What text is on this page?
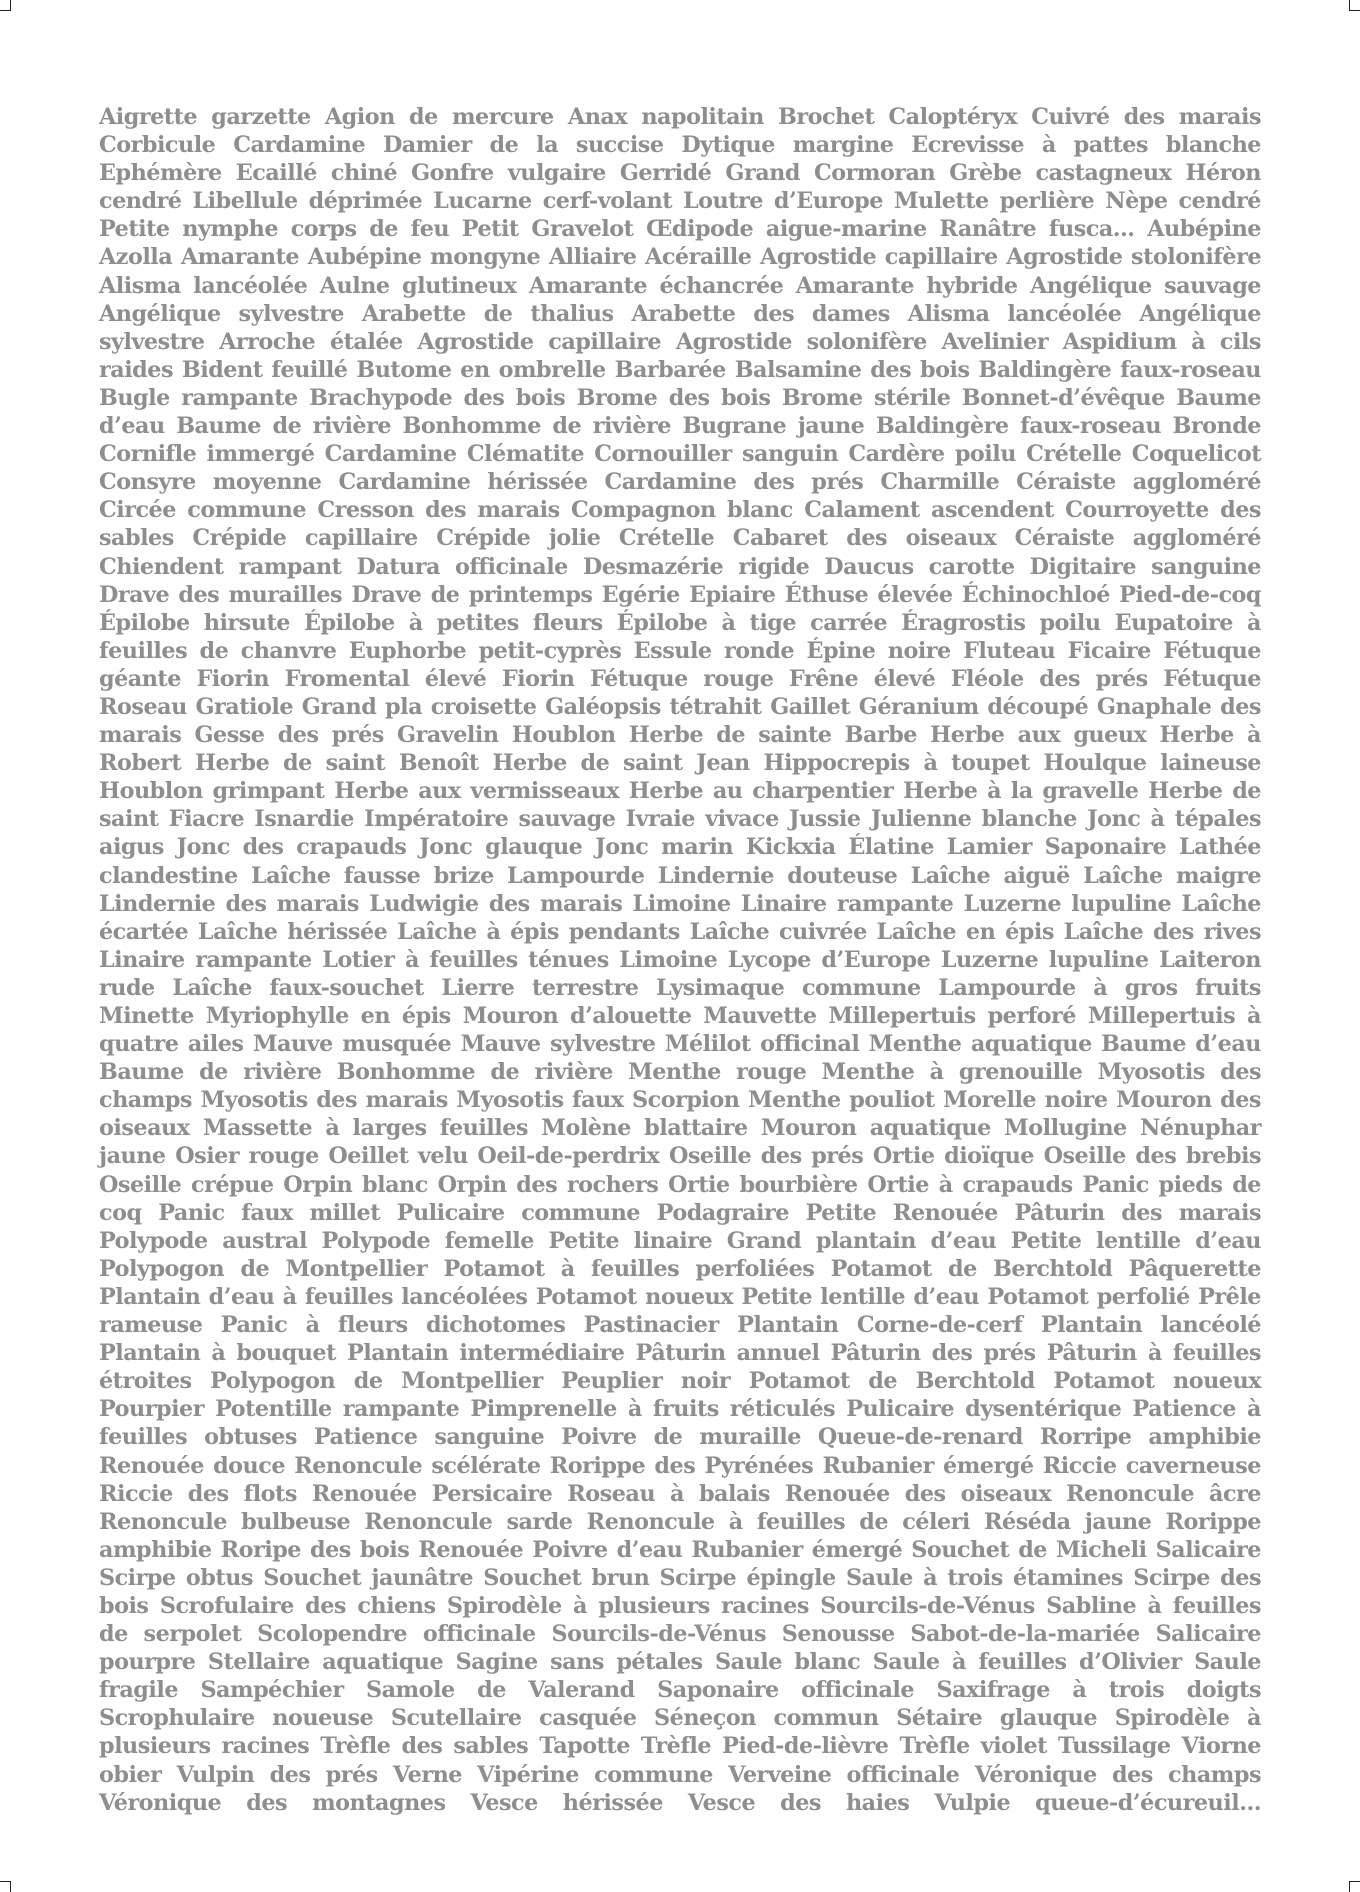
Aigrette garzette Agion de mercure Anax napolitain Brochet Caloptéryx Cuivré des marais Corbicule Cardamine Damier de la succise Dytique margine Ecrevisse à pattes blanche Ephémère Ecaillé chiné Gonfre vulgaire Gerridé Grand Cormoran Grèbe castagneux Héron cendré Libellule déprimée Lucarne cerf-volant Loutre d’Europe Mulette perlière Nèpe cendré Petite nymphe corps de feu Petit Gravelot Œdipode aigue-marine Ranâtre fusca... Aubépine Azolla Amarante Aubépine mongyne Alliaire Acéraille Agrostide capillaire Agrostide stolonifère Alisma lancéolée Aulne glutineux Amarante échancrée Amarante hybride Angélique sauvage Angélique sylvestre Arabette de thalius Arabette des dames Alisma lancéolée Angélique sylvestre Arroche étalée Agrostide capillaire Agrostide solonifère Avelinier Aspidium à cils raides Bident feuillé Butome en ombrelle Barbarée Balsamine des bois Baldingère faux-roseau Bugle rampante Brachypode des bois Brome des bois Brome stérile Bonnet-d’évêque Baume d’eau Baume de rivière Bonhomme de rivière Bugrane jaune Baldingère faux-roseau Bronde Cornifle immergé Cardamine Clématite Cornouiller sanguin Cardère poilu Crételle Coquelicot Consyre moyenne Cardamine hérissée Cardamine des prés Charmille Céraiste aggloméré Circée commune Cresson des marais Compagnon blanc Calament ascendent Courroyette des sables Crépide capillaire Crépide jolie Crételle Cabaret des oiseaux Céraiste aggloméré Chiendent rampant Datura officinale Desmazérie rigide Daucus carotte Digitaire sanguine Drave des murailles Drave de printemps Egérie Epiaire Éthuse élevée Échinochloé Pied-de-coq Épilobe hirsute Épilobe à petites fleurs Épilobe à tige carrée Éragrostis poilu Eupatoire à feuilles de chanvre Euphorbe petit-cyprès Essule ronde Épine noire Fluteau Ficaire Fétuque géante Fiorin Fromental élevé Fiorin Fétuque rouge Frêne élevé Fléole des prés Fétuque Roseau Gratiole Grand pla croisette Galéopsis tétrahit Gaillet Géranium découpé Gnaphale des marais Gesse des prés Gravelin Houblon Herbe de sainte Barbe Herbe aux gueux Herbe à Robert Herbe de saint Benoît Herbe de saint Jean Hippocrepis à toupet Houlque laineuse Houblon grimpant Herbe aux vermisseaux Herbe au charpentier Herbe à la gravelle Herbe de saint Fiacre Isnardie Impératoire sauvage Ivraie vivace Jussie Julienne blanche Jonc à tépales aigus Jonc des crapauds Jonc glauque Jonc marin Kickxia Élatine Lamier Saponaire Lathée clandestine Laîche fausse brize Lampourde Lindernie douteuse Laîche aiguë Laîche maigre Lindernie des marais Ludwigie des marais Limoine Linaire rampante Luzerne lupuline Laîche écartée Laîche hérissée Laîche à épis pendants Laîche cuivrée Laîche en épis Laîche des rives Linaire rampante Lotier à feuilles ténues Limoine Lycope d’Europe Luzerne lupuline Laiteron rude Laîche faux-souchet Lierre terrestre Lysimaque commune Lampourde à gros fruits Minette Myriophylle en épis Mouron d’alouette Mauvette Millepertuis perforé Millepertuis à quatre ailes Mauve musquée Mauve sylvestre Mélilot officinal Menthe aquatique Baume d’eau Baume de rivière Bonhomme de rivière Menthe rouge Menthe à grenouille Myosotis des champs Myosotis des marais Myosotis faux Scorpion Menthe pouliot Morelle noire Mouron des oiseaux Massette à larges feuilles Molène blattaire Mouron aquatique Mollugine Nénuphar jaune Osier rouge Oeillet velu Oeil-de-perdrix Oseille des prés Ortie dioïque Oseille des brebis Oseille crépue Orpin blanc Orpin des rochers Ortie bourbière Ortie à crapauds Panic pieds de coq Panic faux millet Pulicaire commune Podagraire Petite Renouée Pâturin des marais Polypode austral Polypode femelle Petite linaire Grand plantain d’eau Petite lentille d’eau Polypogon de Montpellier Potamot à feuilles perfoliées Potamot de Berchtold Pâquerette Plantain d’eau à feuilles lancéolées Potamot noueux Petite lentille d’eau Potamot perfolié Prêle rameuse Panic à fleurs dichotomes Pastinacier Plantain Corne-de-cerf Plantain lancéolé Plantain à bouquet Plantain intermédiaire Pâturin annuel Pâturin des prés Pâturin à feuilles étroites Polypogon de Montpellier Peuplier noir Potamot de Berchtold Potamot noueux Pourpier Potentille rampante Pimprenelle à fruits réticulés Pulicaire dysentérique Patience à feuilles obtuses Patience sanguine Poivre de muraille Queue-de-renard Rorripe amphibie Renouée douce Renoncule scélérate Rorippe des Pyrénées Rubanier émergé Riccie caverneuse Riccie des flots Renouée Persicaire Roseau à balais Renouée des oiseaux Renoncule âcre Renoncule bulbeuse Renoncule sarde Renoncule à feuilles de céleri Réséda jaune Rorippe amphibie Roripe des bois Renouée Poivre d’eau Rubanier émergé Souchet de Micheli Salicaire Scirpe obtus Souchet jaunâtre Souchet brun Scirpe épingle Saule à trois étamines Scirpe des bois Scrofulaire des chiens Spirodèle à plusieurs racines Sourcils-de-Vénus Sabline à feuilles de serpolet Scolopendre officinale Sourcils-de-Vénus Senousse Sabot-de-la-mariée Salicaire pourpre Stellaire aquatique Sagine sans pétales Saule blanc Saule à feuilles d’Olivier Saule fragile Sampéchier Samole de Valerand Saponaire officinale Saxifrage à trois doigts Scrophulaire noueuse Scutellaire casquée Séneçon commun Sétaire glauque Spirodèle à plusieurs racines Trèfle des sables Tapotte Trèfle Pied-de-lièvre Trèfle violet Tussilage Viorne obier Vulpin des prés Verne Vipérine commune Verveine officinale Véronique des champs Véronique des montagnes Vesce hérissée Vesce des haies Vulpie queue-d’écureuil...
